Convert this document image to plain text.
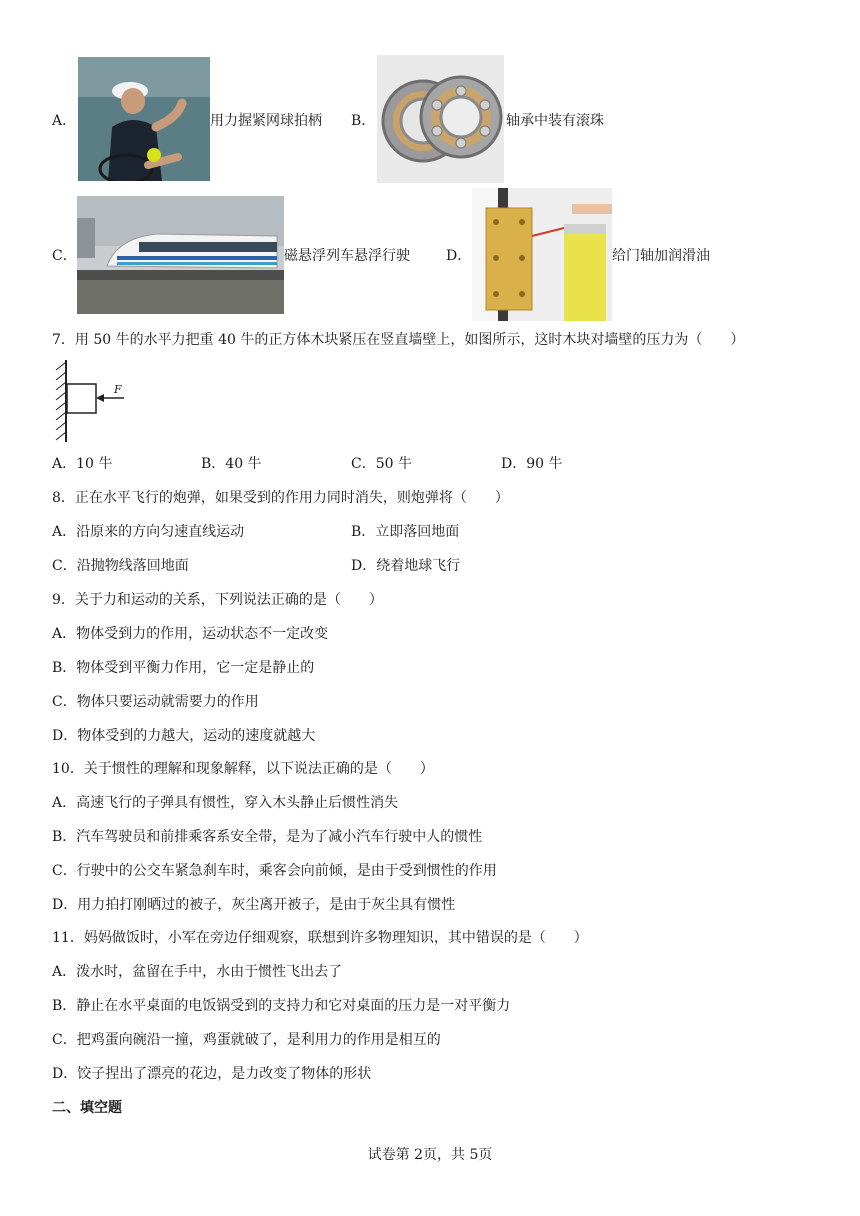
A．	用力握紧网球拍柄 B．	轴承中装有滚珠
C．	磁悬浮列车悬浮行驶	D．	给门轴加润滑油
7．用 50 牛的水平力把重 40 牛的正方体木块紧压在竖直墙壁上，如图所示，这时木块对墙壁的压力为（　　）
F
A．10 牛	B．40 牛	C．50 牛	D．90 牛
8．正在水平飞行的炮弹，如果受到的作用力同时消失，则炮弹将（　　）
A．沿原来的方向匀速直线运动	B．立即落回地面
C．沿抛物线落回地面	D．绕着地球飞行
9．关于力和运动的关系，下列说法正确的是（　　）
A．物体受到力的作用，运动状态不一定改变
B．物体受到平衡力作用，它一定是静止的
C．物体只要运动就需要力的作用
D．物体受到的力越大，运动的速度就越大
10．关于惯性的理解和现象解释，以下说法正确的是（　　）
A．高速飞行的子弹具有惯性，穿入木头静止后惯性消失
B．汽车驾驶员和前排乘客系安全带，是为了减小汽车行驶中人的惯性
C．行驶中的公交车紧急刹车时，乘客会向前倾，是由于受到惯性的作用
D．用力拍打刚晒过的被子，灰尘离开被子，是由于灰尘具有惯性
11．妈妈做饭时，小军在旁边仔细观察，联想到许多物理知识，其中错误的是（　　）
A．泼水时，盆留在手中，水由于惯性飞出去了
B．静止在水平桌面的电饭锅受到的支持力和它对桌面的压力是一对平衡力
C．把鸡蛋向碗沿一撞，鸡蛋就破了，是利用力的作用是相互的
D．饺子捏出了漂亮的花边，是力改变了物体的形状
二、填空题
试卷第 2页，共 5页
